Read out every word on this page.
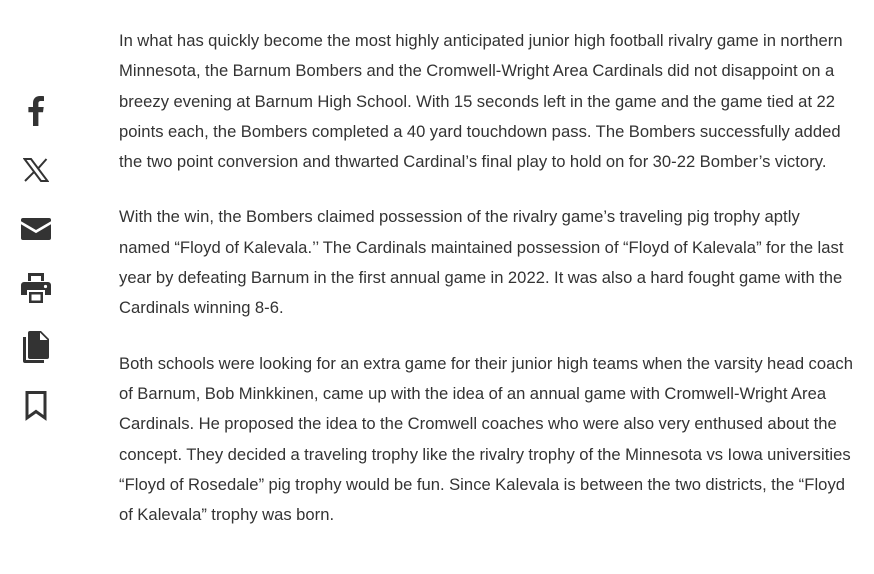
In what has quickly become the most highly anticipated junior high football rivalry game in northern Minnesota, the Barnum Bombers and the Cromwell-Wright Area Cardinals did not disappoint on a breezy evening at Barnum High School. With 15 seconds left in the game and the game tied at 22 points each, the Bombers completed a 40 yard touchdown pass. The Bombers successfully added the two point conversion and thwarted Cardinal’s final play to hold on for 30-22 Bomber’s victory.

With the win, the Bombers claimed possession of the rivalry game’s traveling pig trophy aptly named “Floyd of Kalevala.’’ The Cardinals maintained possession of “Floyd of Kalevala” for the last year by defeating Barnum in the first annual game in 2022. It was also a hard fought game with the Cardinals winning 8-6.

Both schools were looking for an extra game for their junior high teams when the varsity head coach of Barnum, Bob Minkkinen, came up with the idea of an annual game with Cromwell-Wright Area Cardinals. He proposed the idea to the Cromwell coaches who were also very enthused about the concept. They decided a traveling trophy like the rivalry trophy of the Minnesota vs Iowa universities “Floyd of Rosedale” pig trophy would be fun. Since Kalevala is between the two districts, the “Floyd of Kalevala” trophy was born.
